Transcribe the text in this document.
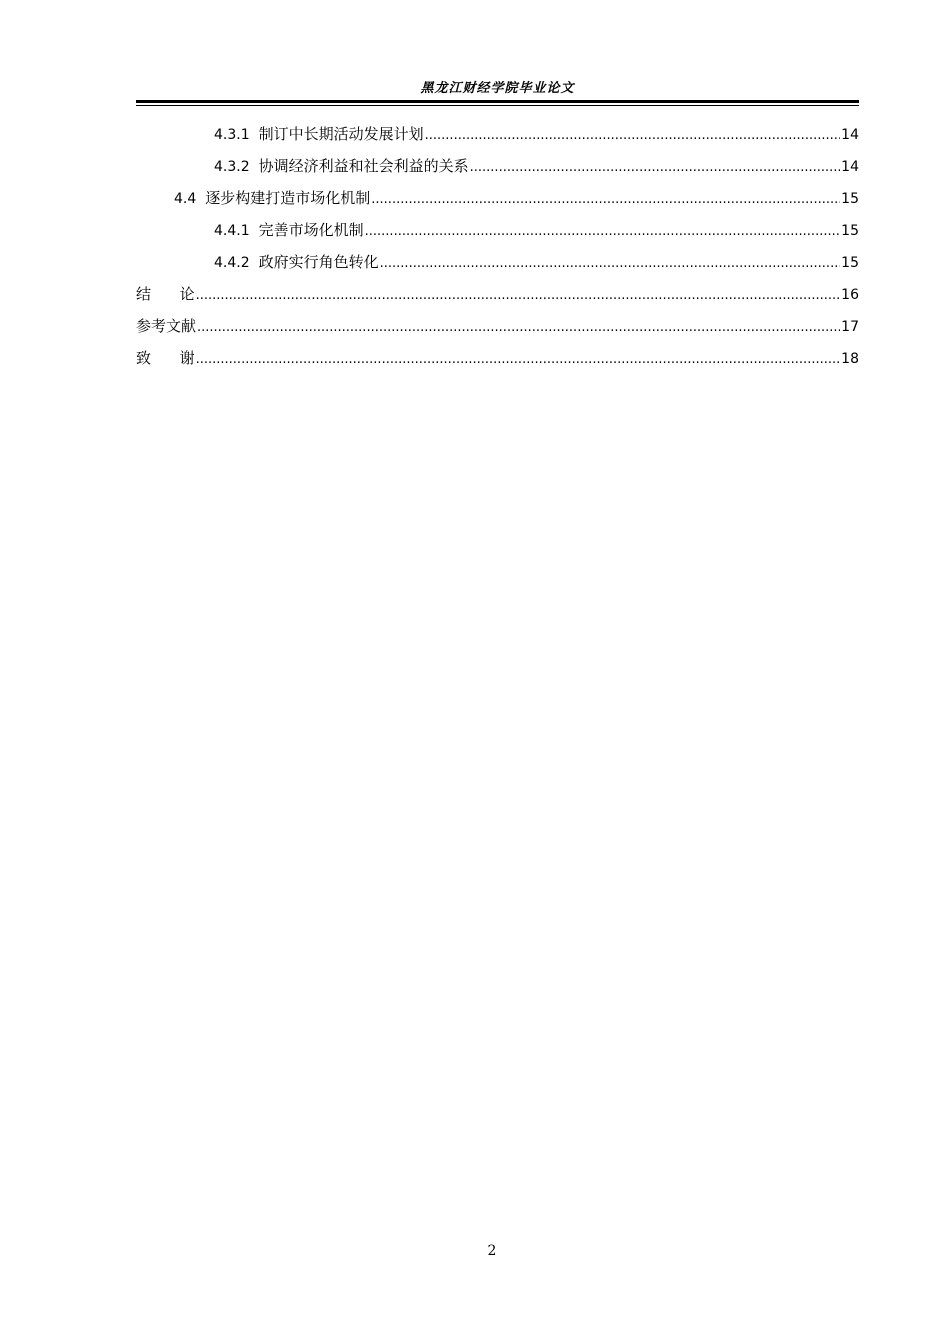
黑龙江财经学院毕业论文
4.3.1 制订中长期活动发展计划 .....	14
4.3.2 协调经济利益和社会利益的关系 .....	14
4.4 逐步构建打造市场化机制 .....	15
4.4.1 完善市场化机制 .....	15
4.4.2 政府实行角色转化 .....	15
结      论 .....	16
参考文献 .....	17
致      谢 .....	18
2
